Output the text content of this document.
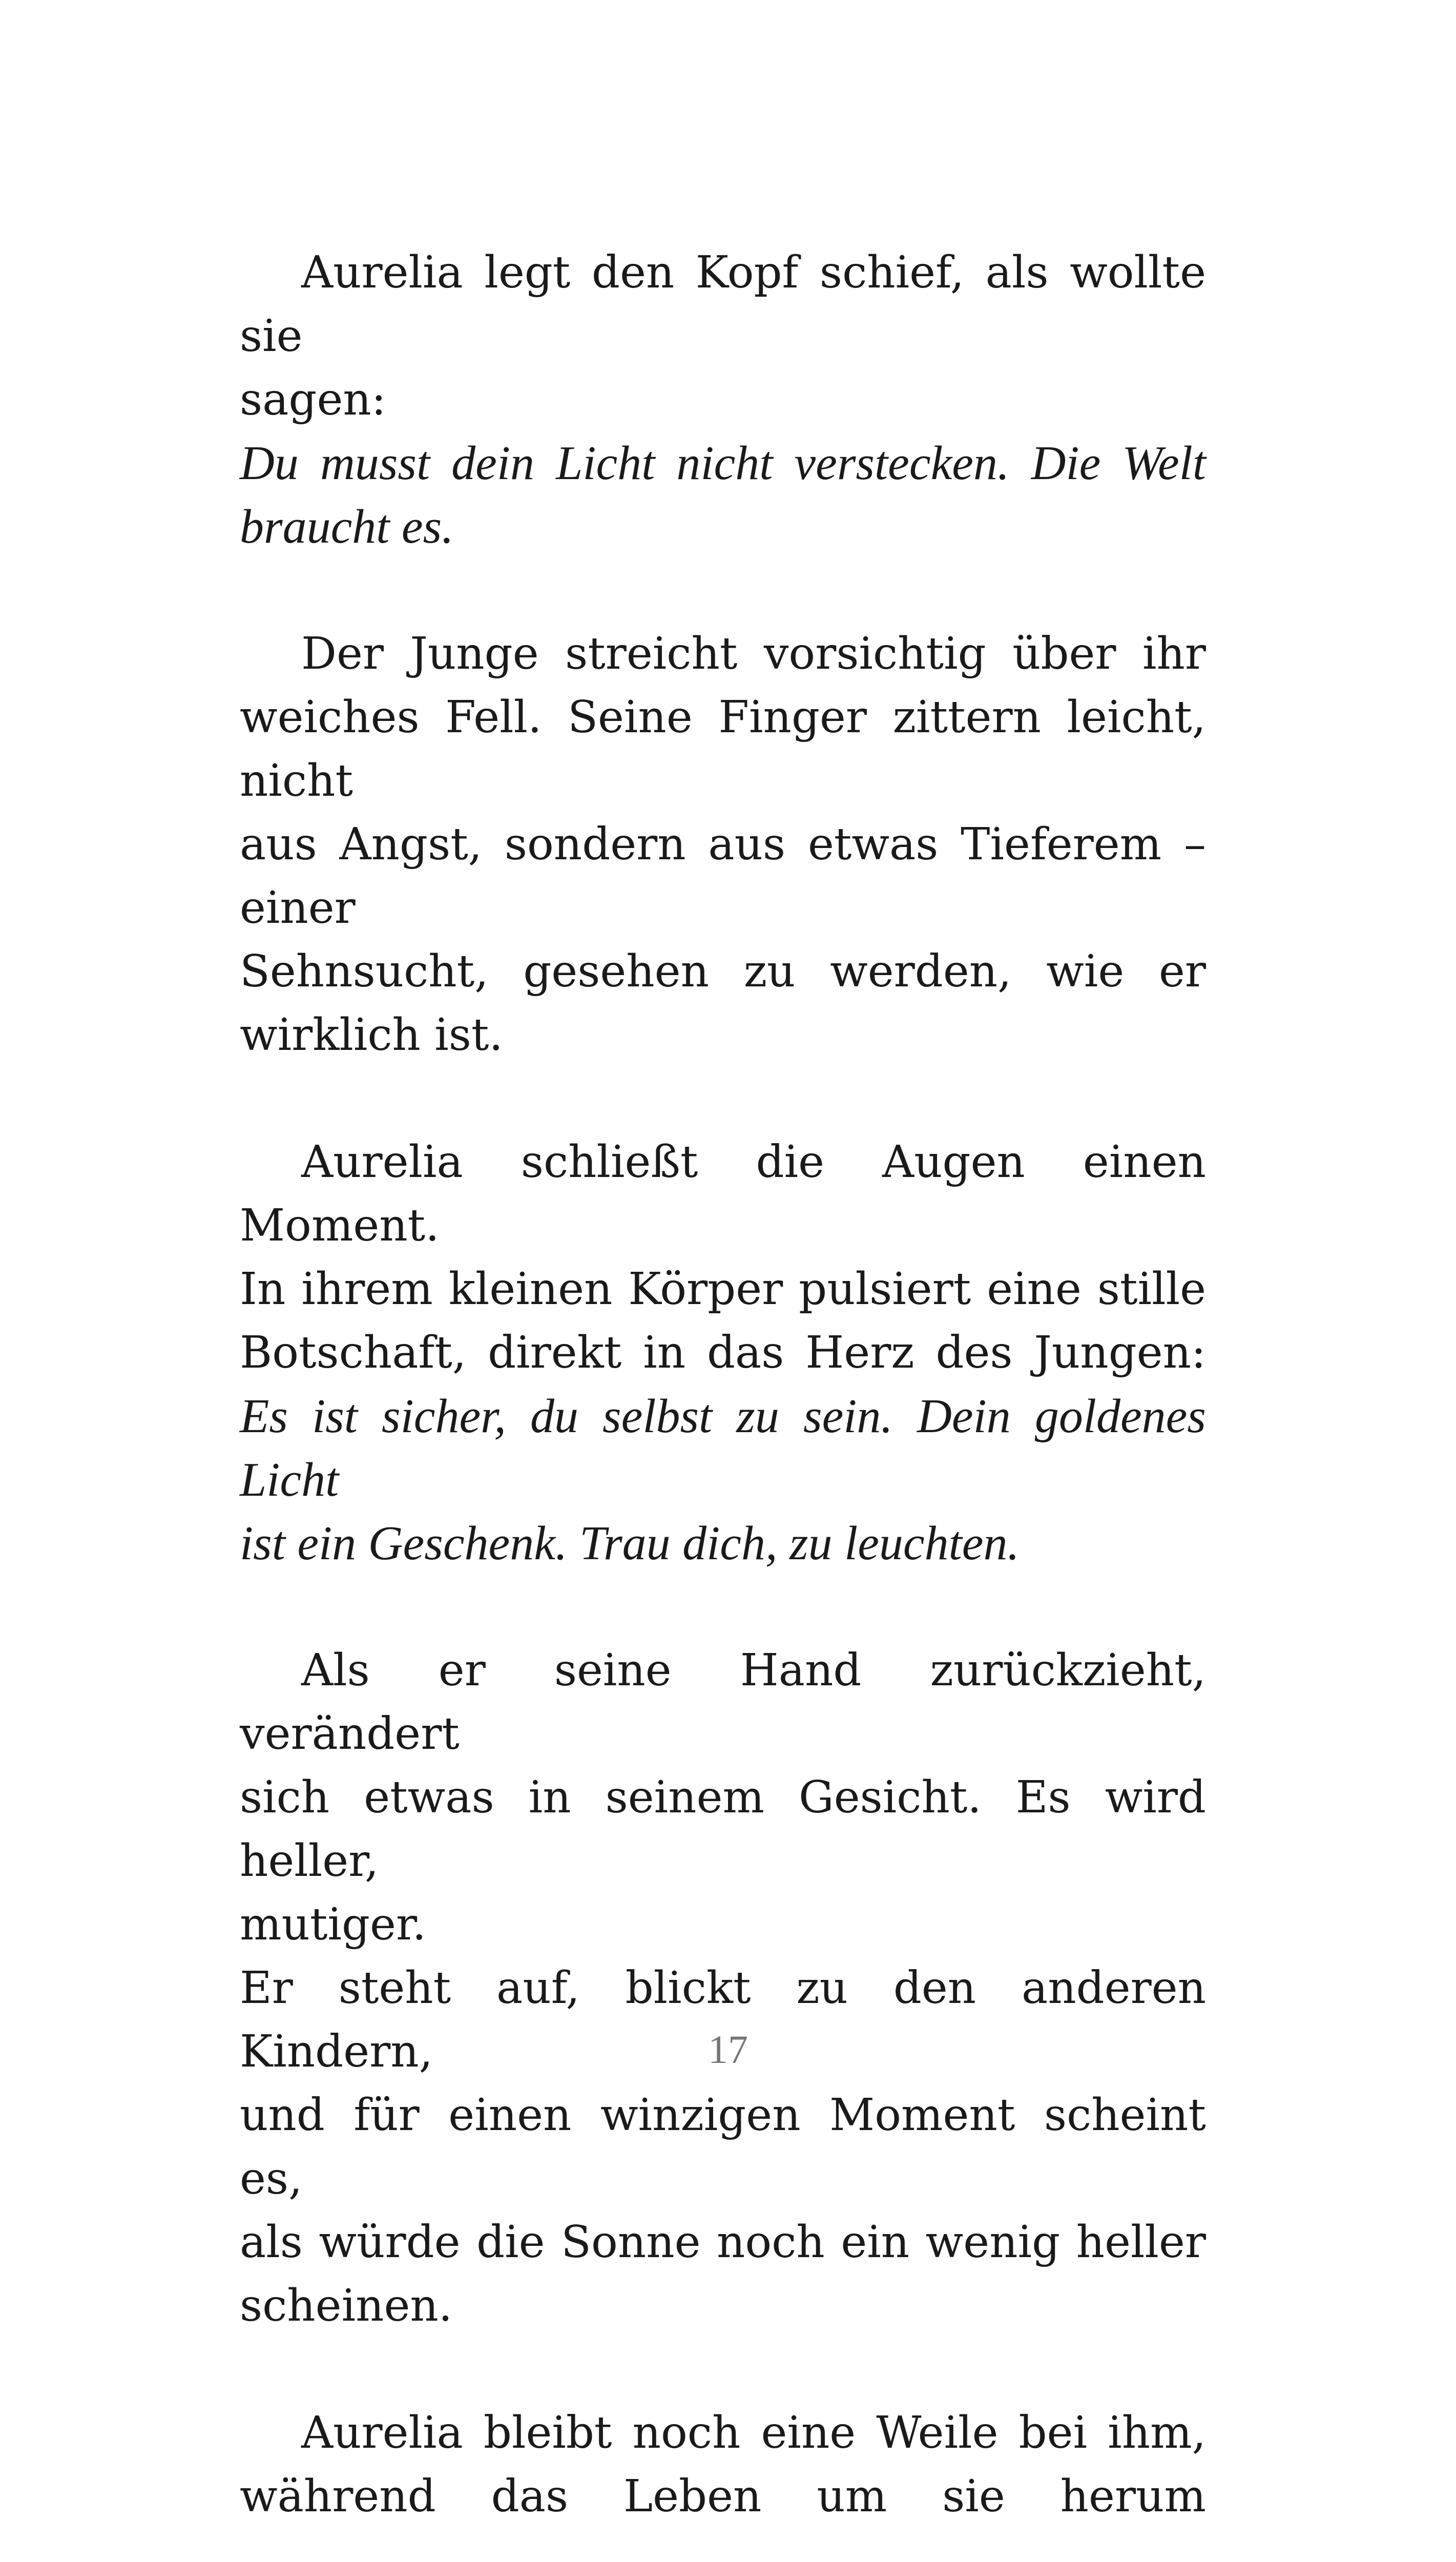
Aurelia legt den Kopf schief, als wollte sie
sagen:
Du musst dein Licht nicht verstecken. Die Welt
braucht es.
Der Junge streicht vorsichtig über ihr
weiches Fell. Seine Finger zittern leicht, nicht
aus Angst, sondern aus etwas Tieferem – einer
Sehnsucht, gesehen zu werden, wie er
wirklich ist.
Aurelia schließt die Augen einen Moment.
In ihrem kleinen Körper pulsiert eine stille
Botschaft, direkt in das Herz des Jungen:
Es ist sicher, du selbst zu sein. Dein goldenes Licht
ist ein Geschenk. Trau dich, zu leuchten.
Als er seine Hand zurückzieht, verändert
sich etwas in seinem Gesicht. Es wird heller,
mutiger.
Er steht auf, blickt zu den anderen Kindern,
und für einen winzigen Moment scheint es,
als würde die Sonne noch ein wenig heller
scheinen.
Aurelia bleibt noch eine Weile bei ihm,
während das Leben um sie herum
17
